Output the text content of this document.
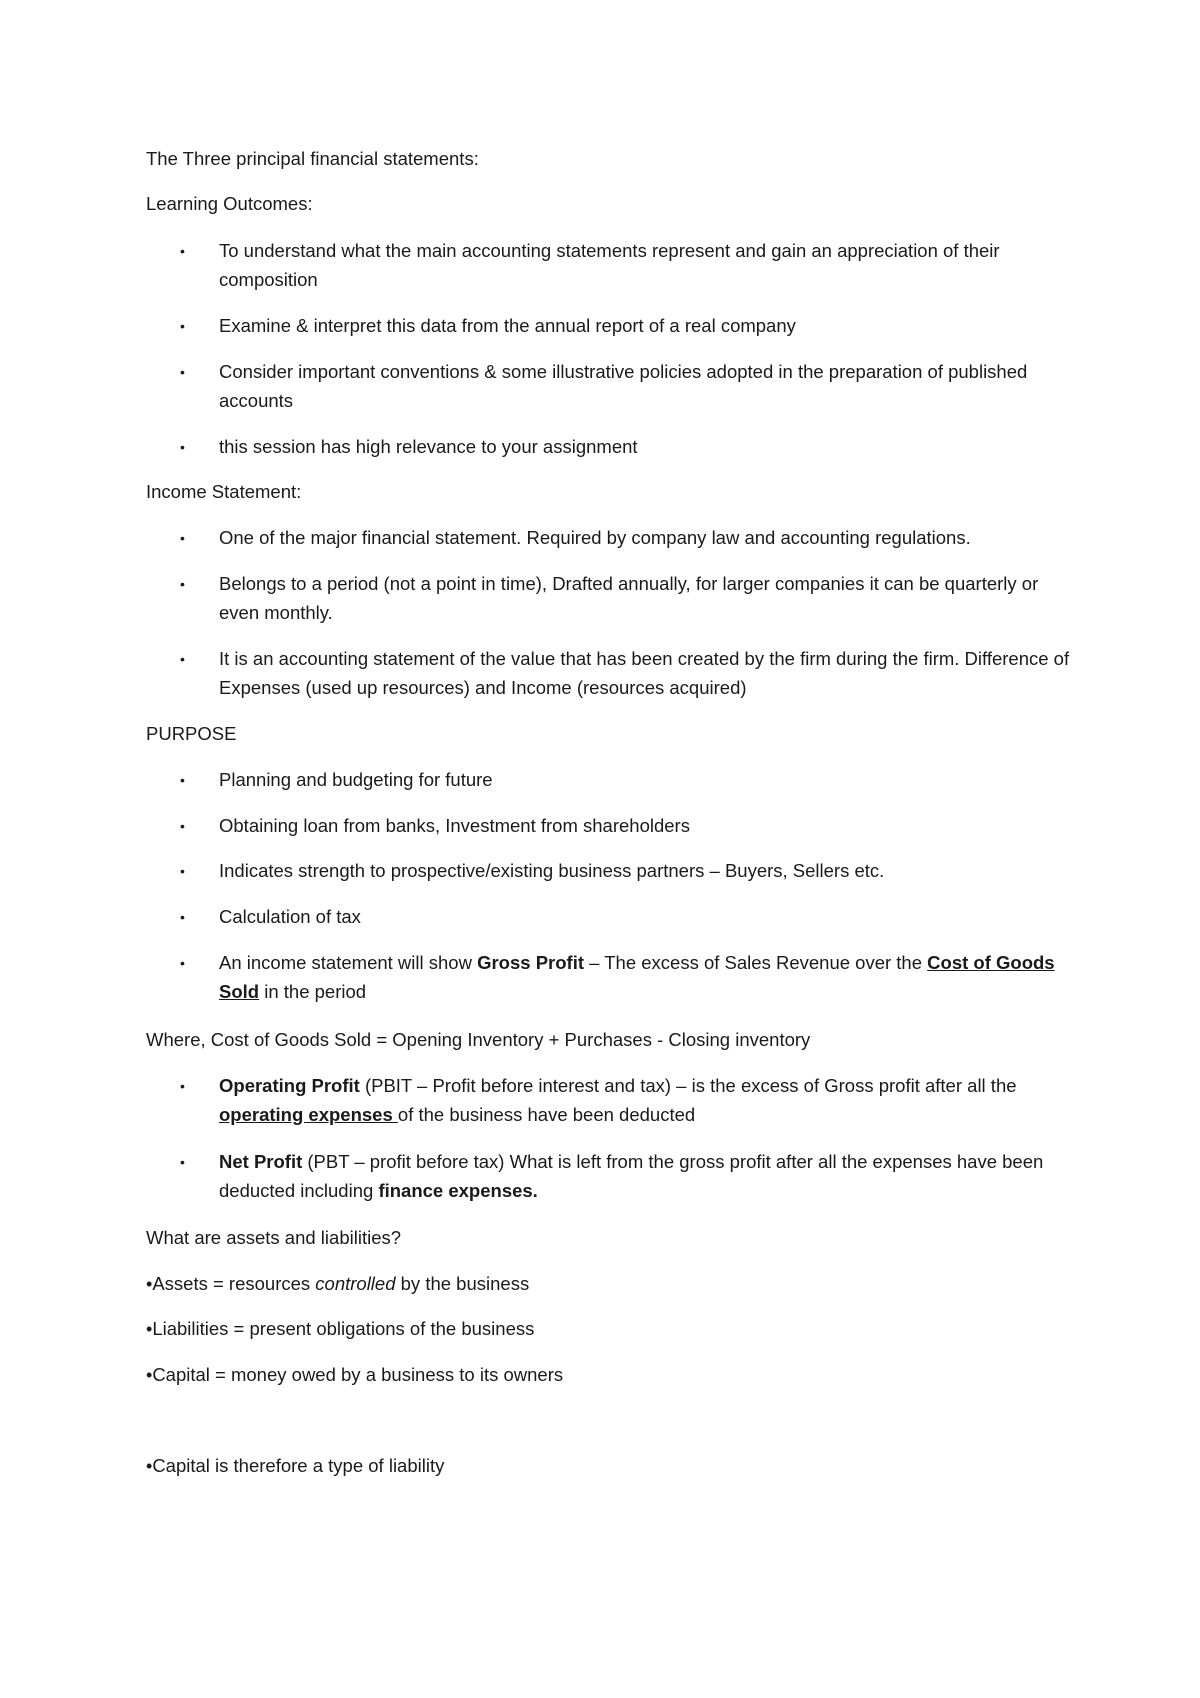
The Three principal financial statements:
Learning Outcomes:
• To understand what the main accounting statements represent and gain an appreciation of their composition
• Examine & interpret this data from the annual report of a real company
• Consider important conventions & some illustrative policies adopted in the preparation of published accounts
• this session has high relevance to your assignment
Income Statement:
• One of the major financial statement. Required by company law and accounting regulations.
• Belongs to a period (not a point in time), Drafted annually, for larger companies it can be quarterly or even monthly.
• It is an accounting statement of the value that has been created by the firm during the firm. Difference of Expenses (used up resources) and Income (resources acquired)
PURPOSE
• Planning and budgeting for future
• Obtaining loan from banks, Investment from shareholders
• Indicates strength to prospective/existing business partners – Buyers, Sellers etc.
• Calculation of tax
• An income statement will show Gross Profit – The excess of Sales Revenue over the Cost of Goods Sold in the period
Where, Cost of Goods Sold = Opening Inventory + Purchases - Closing inventory
• Operating Profit (PBIT – Profit before interest and tax) – is the excess of Gross profit after all the operating expenses of the business have been deducted
• Net Profit (PBT – profit before tax) What is left from the gross profit after all the expenses have been deducted including finance expenses.
What are assets and liabilities?
•Assets = resources controlled by the business
•Liabilities = present obligations of the business
•Capital = money owed by a business to its owners
•Capital is therefore a type of liability
